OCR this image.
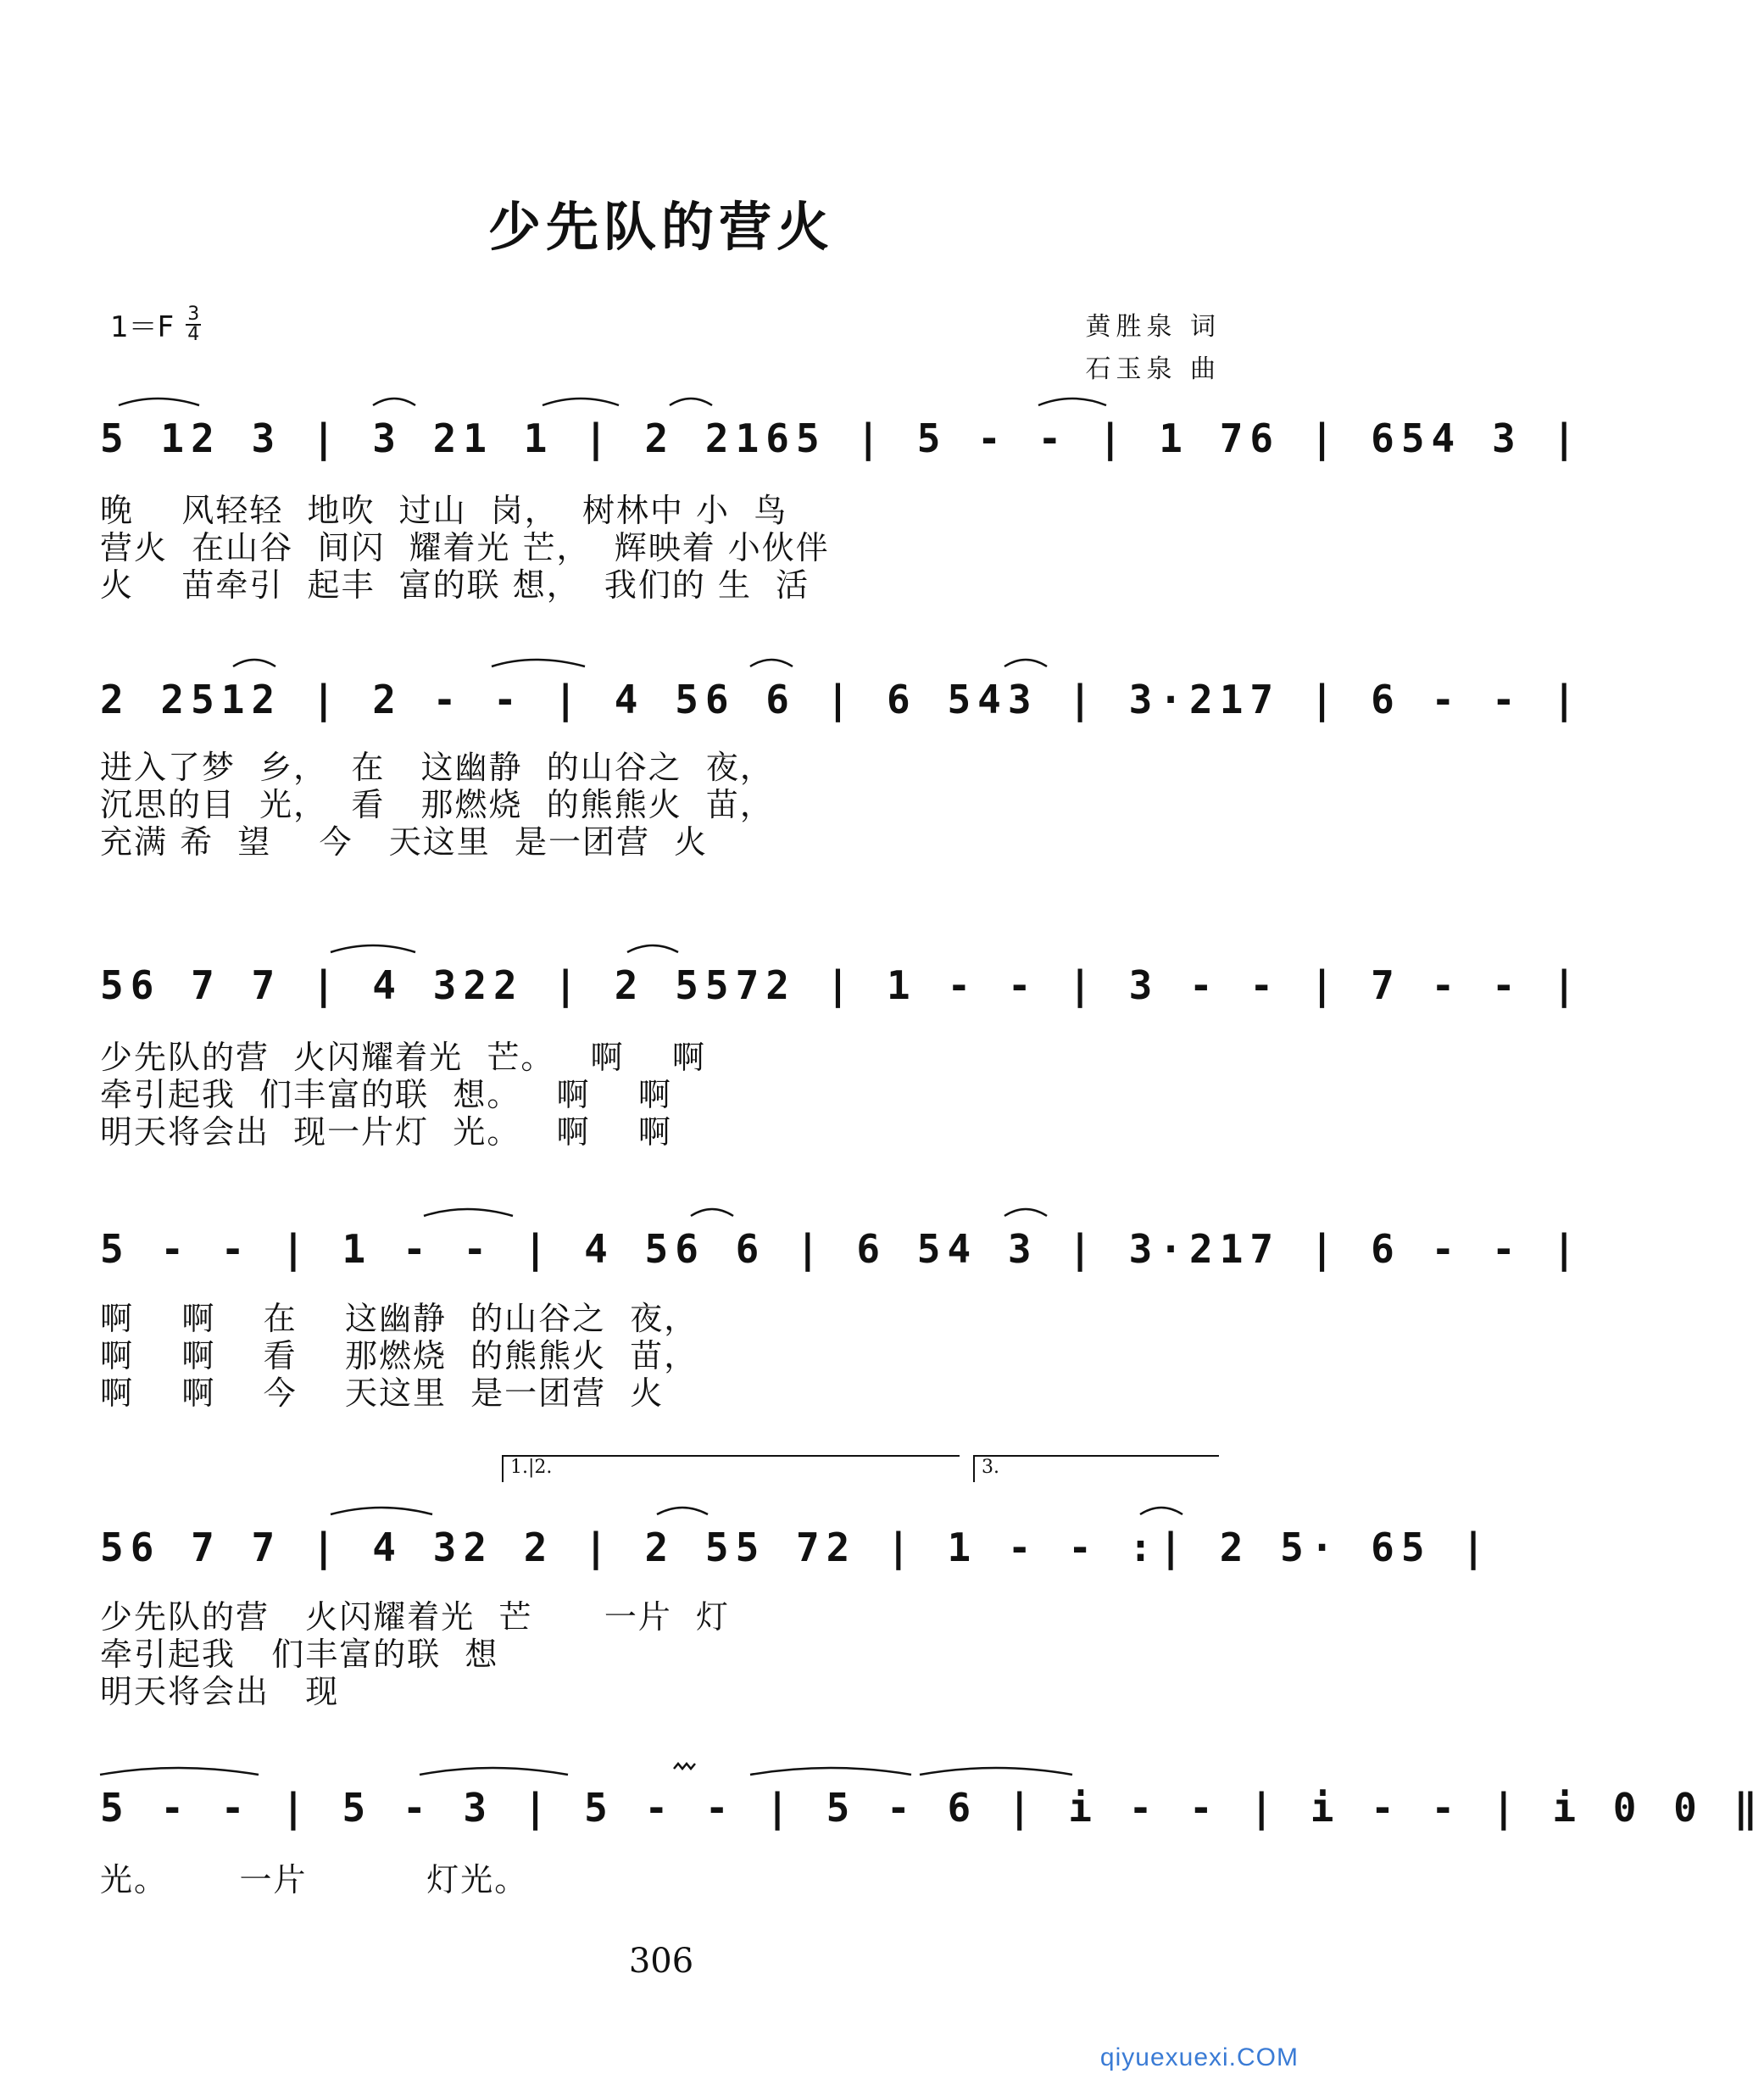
少先队的营火
$1=F \frac{3}{4}$	黄胜泉 词
石玉泉 曲
5 12 3 | 3 21 1 | 2 2165 | 5 - - | 1 76 | 654 3 |
晚    风轻轻  地吹  过山  岗，  树林中 小  鸟
营火  在山谷  间闪  耀着光 芒，  辉映着 小伙伴
火    苗牵引  起丰  富的联 想，  我们的 生  活
2 2512 | 2 - - | 4 56 6 | 6 543 | 3·217 | 6 - - |
进入了梦  乡，  在   这幽静  的山谷之  夜，
沉思的目  光，  看   那燃烧  的熊熊火  苗，
充满 希  望    今   天这里  是一团营  火
56 7 7 | 4 322 | 2 5572 | 1 - - | 3 - - | 7 - - |
少先队的营  火闪耀着光  芒。   啊    啊
牵引起我  们丰富的联  想。   啊    啊
明天将会出  现一片灯  光。   啊    啊
5 - - | 1 - - | 4 56 6 | 6 54 3 | 3·217 | 6 - - |
啊    啊    在    这幽静  的山谷之  夜，
啊    啊    看    那燃烧  的熊熊火  苗，
啊    啊    今    天这里  是一团营  火
1.|2.	3.
56 7 7 | 4 32 2 | 2 55 72 | 1 - - :| 2 5· 65 |
少先队的营   火闪耀着光  芒      一片  灯
牵引起我   们丰富的联  想
明天将会出   现
5 - - | 5 - 3 | 5 - - | 5 - 6 | i - - | i - - | i 0 0 ‖
光。      一片          灯光。
306
qiyuexuexi.COM
